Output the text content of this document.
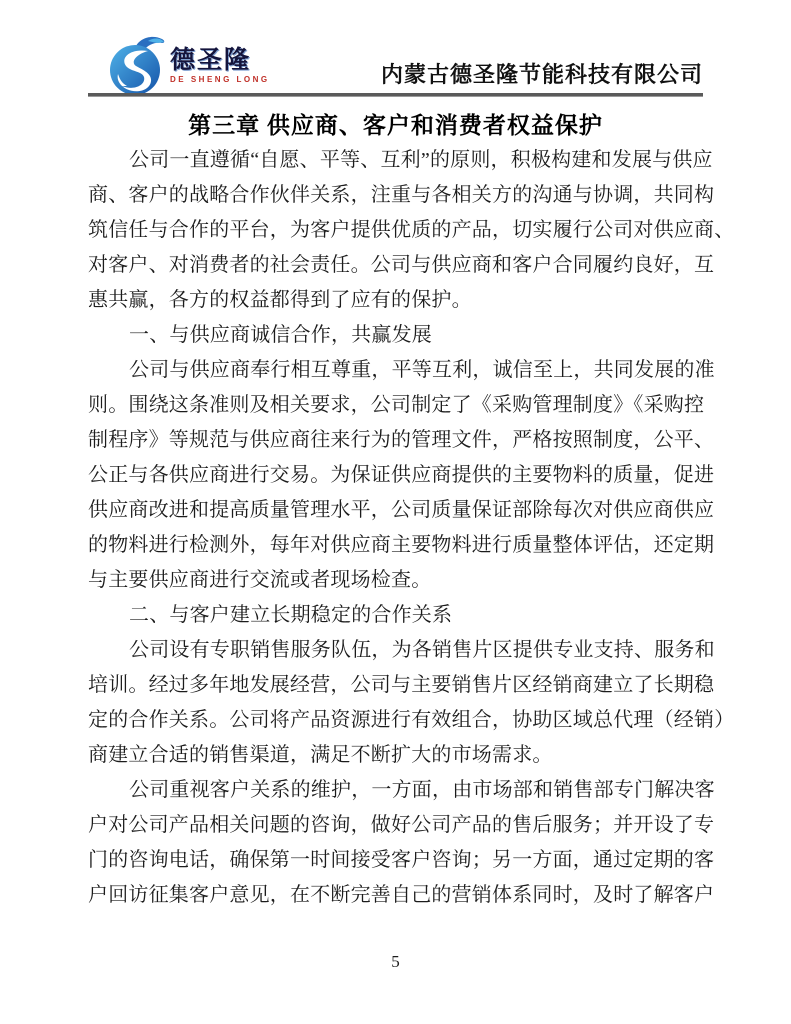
德圣隆
DE SHENG LONG	内蒙古德圣隆节能科技有限公司
第三章 供应商、客户和消费者权益保护
公司一直遵循“自愿、平等、互利”的原则，积极构建和发展与供应
商、客户的战略合作伙伴关系，注重与各相关方的沟通与协调，共同构
筑信任与合作的平台，为客户提供优质的产品，切实履行公司对供应商、
对客户、对消费者的社会责任。公司与供应商和客户合同履约良好，互
惠共赢，各方的权益都得到了应有的保护。
一、与供应商诚信合作，共赢发展
公司与供应商奉行相互尊重，平等互利，诚信至上，共同发展的准
则。围绕这条准则及相关要求，公司制定了《采购管理制度》《采购控
制程序》等规范与供应商往来行为的管理文件，严格按照制度，公平、
公正与各供应商进行交易。为保证供应商提供的主要物料的质量，促进
供应商改进和提高质量管理水平，公司质量保证部除每次对供应商供应
的物料进行检测外，每年对供应商主要物料进行质量整体评估，还定期
与主要供应商进行交流或者现场检查。
二、与客户建立长期稳定的合作关系
公司设有专职销售服务队伍，为各销售片区提供专业支持、服务和
培训。经过多年地发展经营，公司与主要销售片区经销商建立了长期稳
定的合作关系。公司将产品资源进行有效组合，协助区域总代理（经销）
商建立合适的销售渠道，满足不断扩大的市场需求。
公司重视客户关系的维护，一方面，由市场部和销售部专门解决客
户对公司产品相关问题的咨询，做好公司产品的售后服务；并开设了专
门的咨询电话，确保第一时间接受客户咨询；另一方面，通过定期的客
户回访征集客户意见，在不断完善自己的营销体系同时，及时了解客户
5
